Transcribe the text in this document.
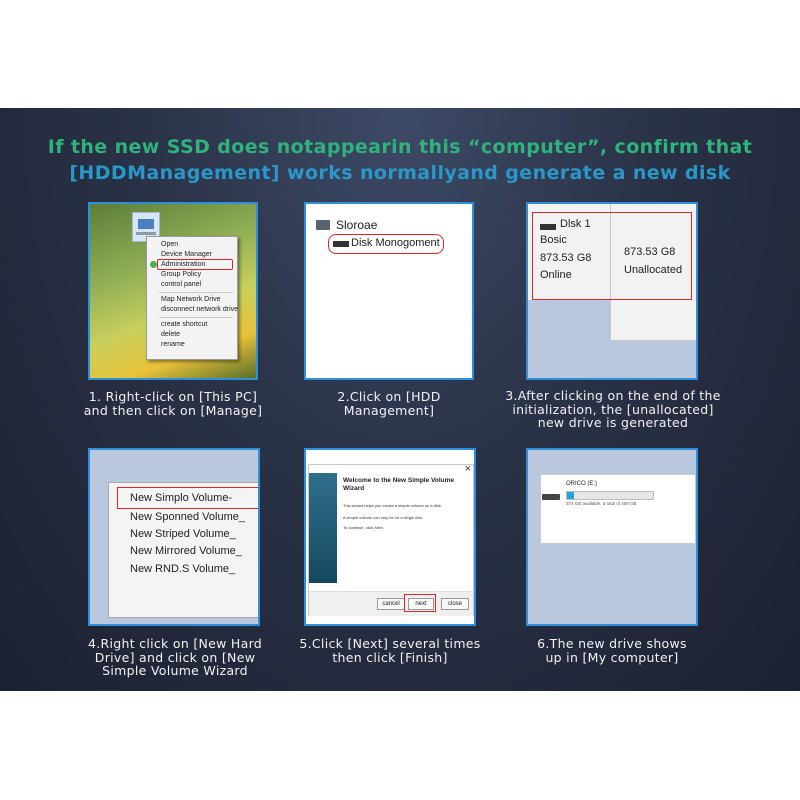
If the new SSD does notappearin this “computer”, confirm that
[HDDManagement] works normallyand generate a new disk
Open
Device Manager
Administration
Group Policy
control panel
Map Network Drive
disconnect network drive
create shortcut
delete
rename
1. Right-click on [This PC]
and then click on [Manage]
Sloroae
Disk Monogoment
2.Click on [HDD
Management]
Dlsk 1
Bosic
873.53 G8
Online
873.53 G8
Unallocated
3.After clicking on the end of the
initialization, the [unallocated]
new drive is generated
New Simplo Volume-
New Sponned Volume_
New Striped Volume_
New Mirrored Volume_
New RND.S Volume_
4.Right click on [New Hard
Drive] and click on [New
Simple Volume Wizard
×
Welcome to the New Simple Volume
Wizard
This wizard helps you create a simple volume on a disk.
A simple volume can only be on a single disk.
To continue, click Next.
cancel	next	close
5.Click [Next] several times
then click [Finish]
ORICO (E:)
374 GB available, a total of 408 GB
6.The new drive shows
up in [My computer]
